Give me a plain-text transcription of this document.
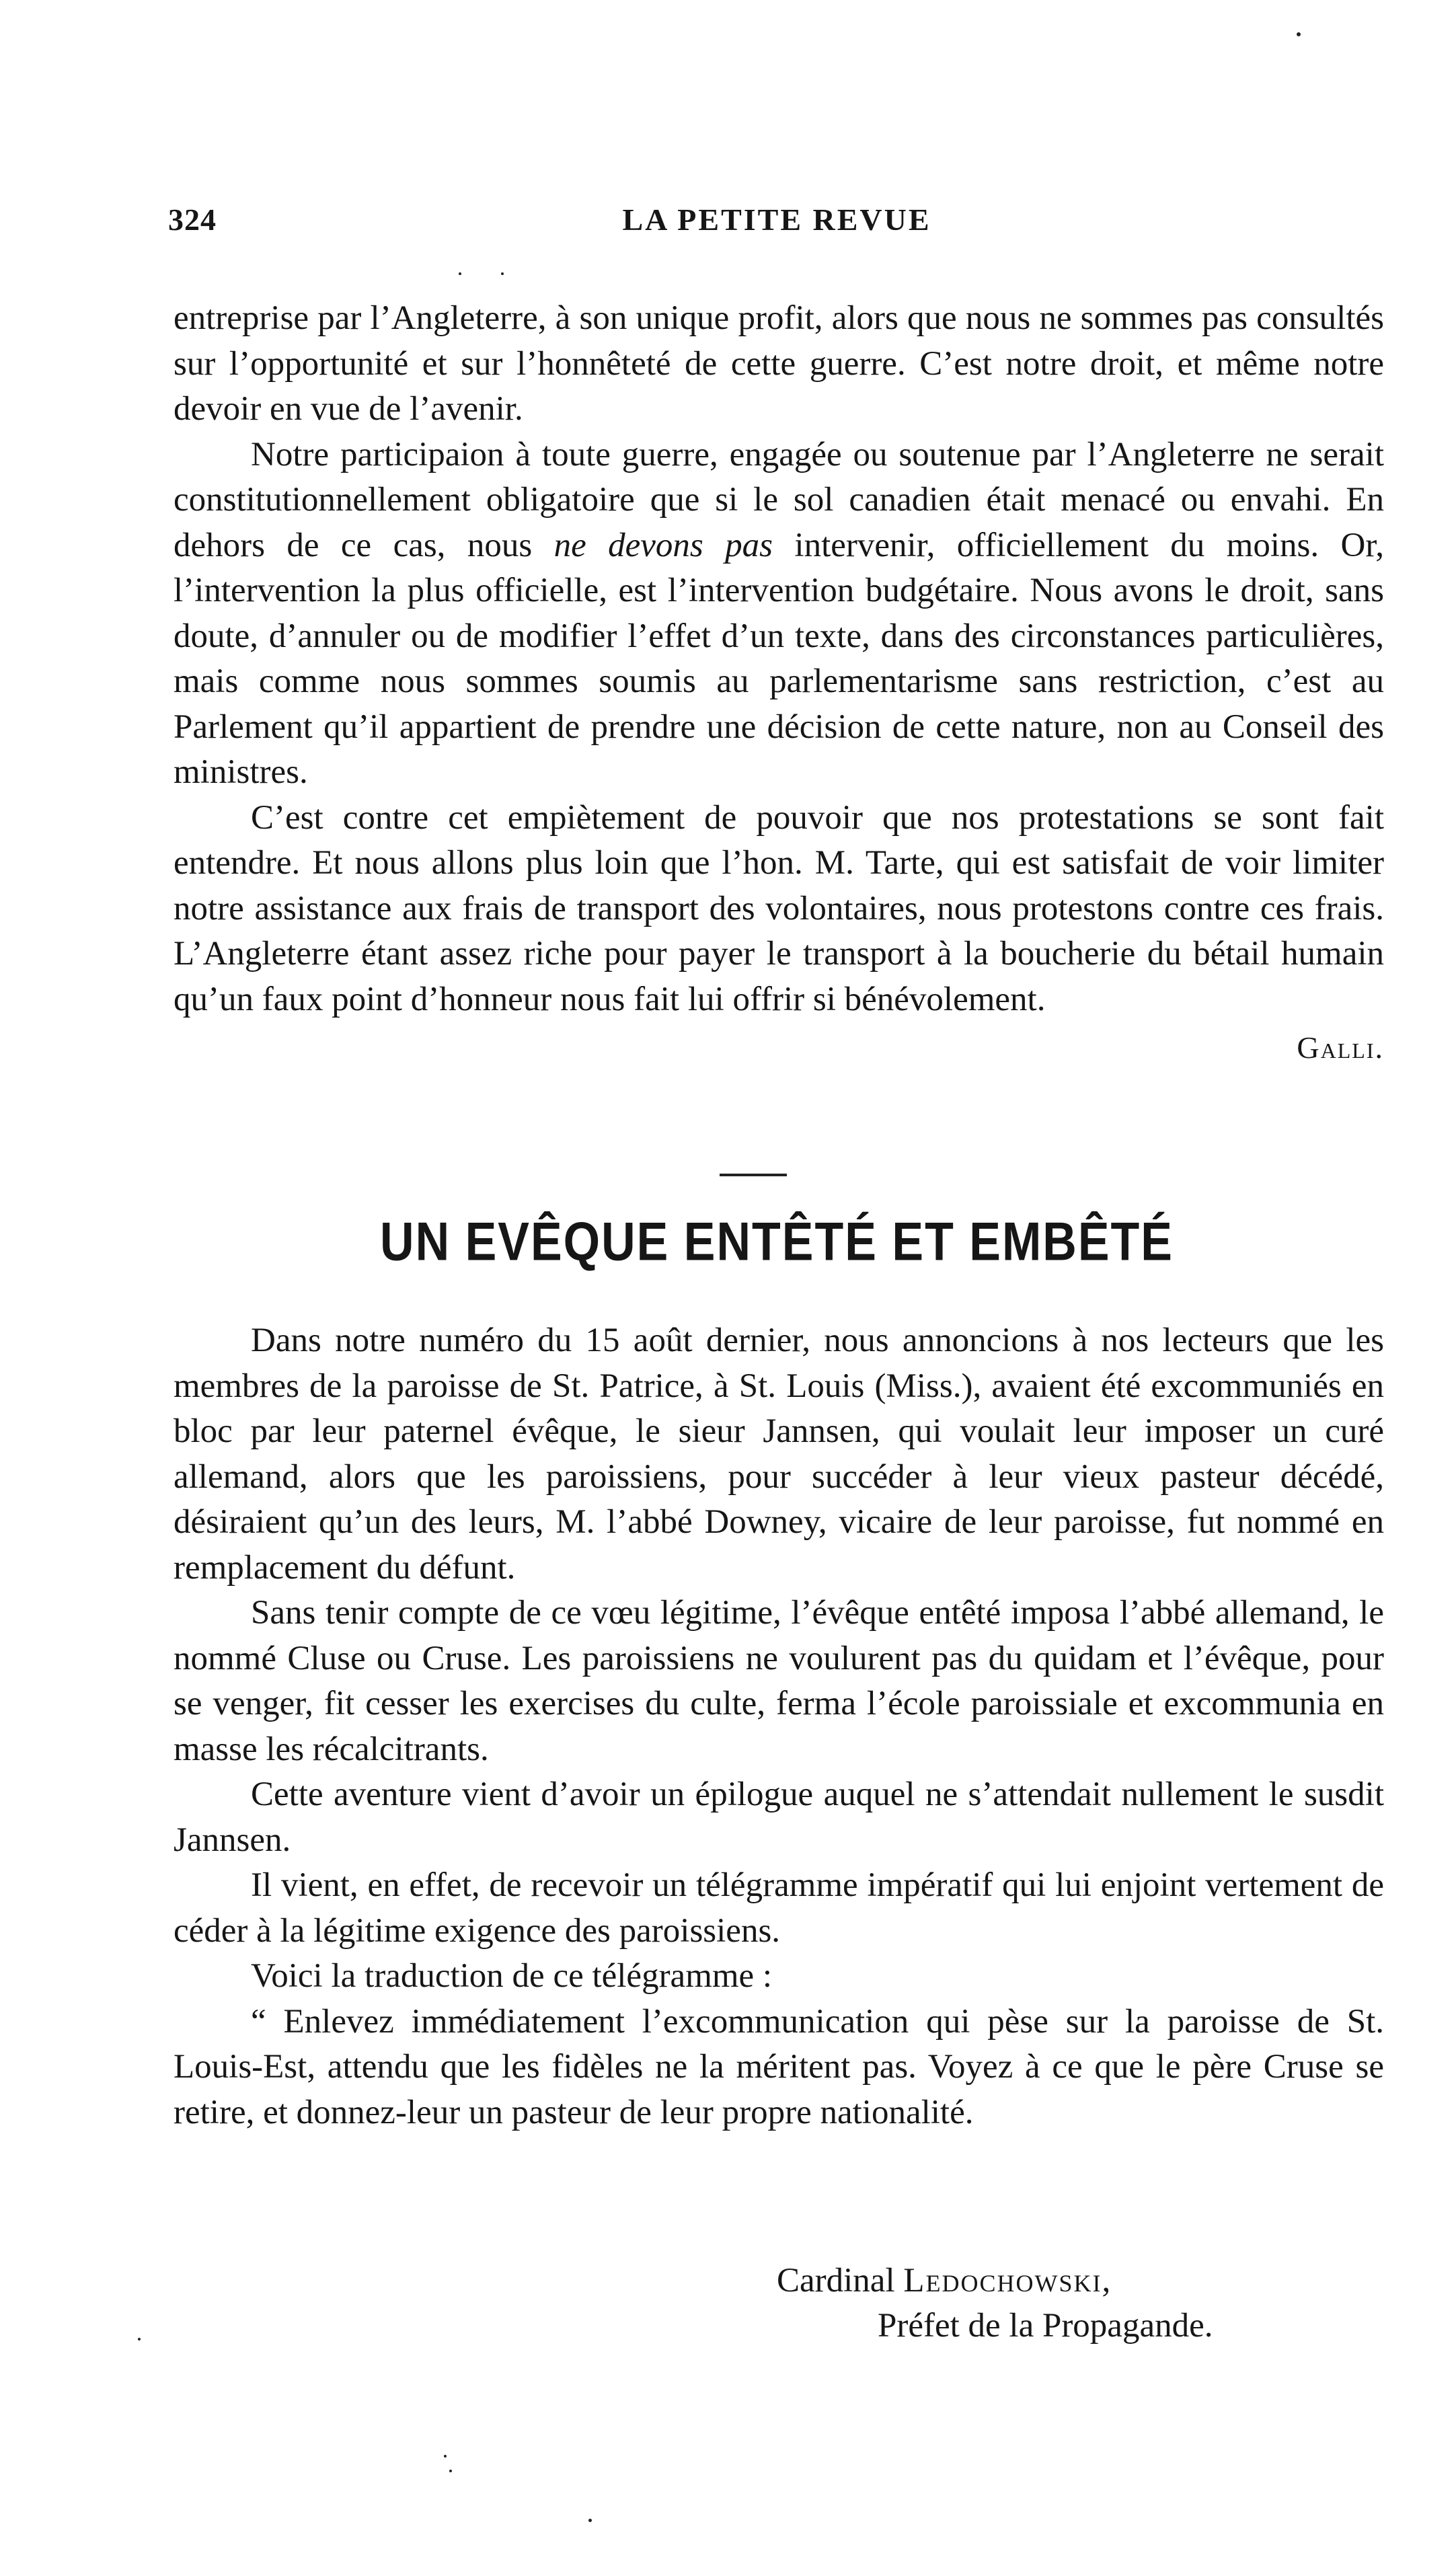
324	LA PETITE REVUE

entreprise par l’Angleterre, à son unique profit, alors que nous ne sommes pas consultés sur l’opportunité et sur l’honnêteté de cette guerre. C’est notre droit, et même notre devoir en vue de l’avenir.

Notre participaion à toute guerre, engagée ou soutenue par l’Angleterre ne serait constitutionnellement obligatoire que si le sol canadien était menacé ou envahi. En dehors de ce cas, nous ne devons pas intervenir, officiellement du moins. Or, l’intervention la plus officielle, est l’intervention budgétaire. Nous avons le droit, sans doute, d’annuler ou de modifier l’effet d’un texte, dans des circonstances particulières, mais comme nous sommes soumis au parlementarisme sans restriction, c’est au Parlement qu’il appartient de prendre une décision de cette nature, non au Conseil des ministres.

C’est contre cet empiètement de pouvoir que nos protestations se sont fait entendre. Et nous allons plus loin que l’hon. M. Tarte, qui est satisfait de voir limiter notre assistance aux frais de transport des volontaires, nous protestons contre ces frais. L’Angleterre étant assez riche pour payer le transport à la boucherie du bétail humain qu’un faux point d’honneur nous fait lui offrir si bénévolement.

Galli.
UN EVÊQUE ENTÊTÉ ET EMBÊTÉ

Dans notre numéro du 15 août dernier, nous annoncions à nos lecteurs que les membres de la paroisse de St. Patrice, à St. Louis (Miss.), avaient été excommuniés en bloc par leur paternel évêque, le sieur Jannsen, qui voulait leur imposer un curé allemand, alors que les paroissiens, pour succéder à leur vieux pasteur décédé, désiraient qu’un des leurs, M. l’abbé Downey, vicaire de leur paroisse, fut nommé en remplacement du défunt.

Sans tenir compte de ce vœu légitime, l’évêque entêté imposa l’abbé allemand, le nommé Cluse ou Cruse. Les paroissiens ne voulurent pas du quidam et l’évêque, pour se venger, fit cesser les exercises du culte, ferma l’école paroissiale et excommunia en masse les récalcitrants.

Cette aventure vient d’avoir un épilogue auquel ne s’attendait nullement le susdit Jannsen.

Il vient, en effet, de recevoir un télégramme impératif qui lui enjoint vertement de céder à la légitime exigence des paroissiens.

Voici la traduction de ce télégramme :

“ Enlevez immédiatement l’excommunication qui pèse sur la paroisse de St. Louis-Est, attendu que les fidèles ne la méritent pas. Voyez à ce que le père Cruse se retire, et donnez-leur un pasteur de leur propre nationalité.

Cardinal Ledochowski,
Préfet de la Propagande.
